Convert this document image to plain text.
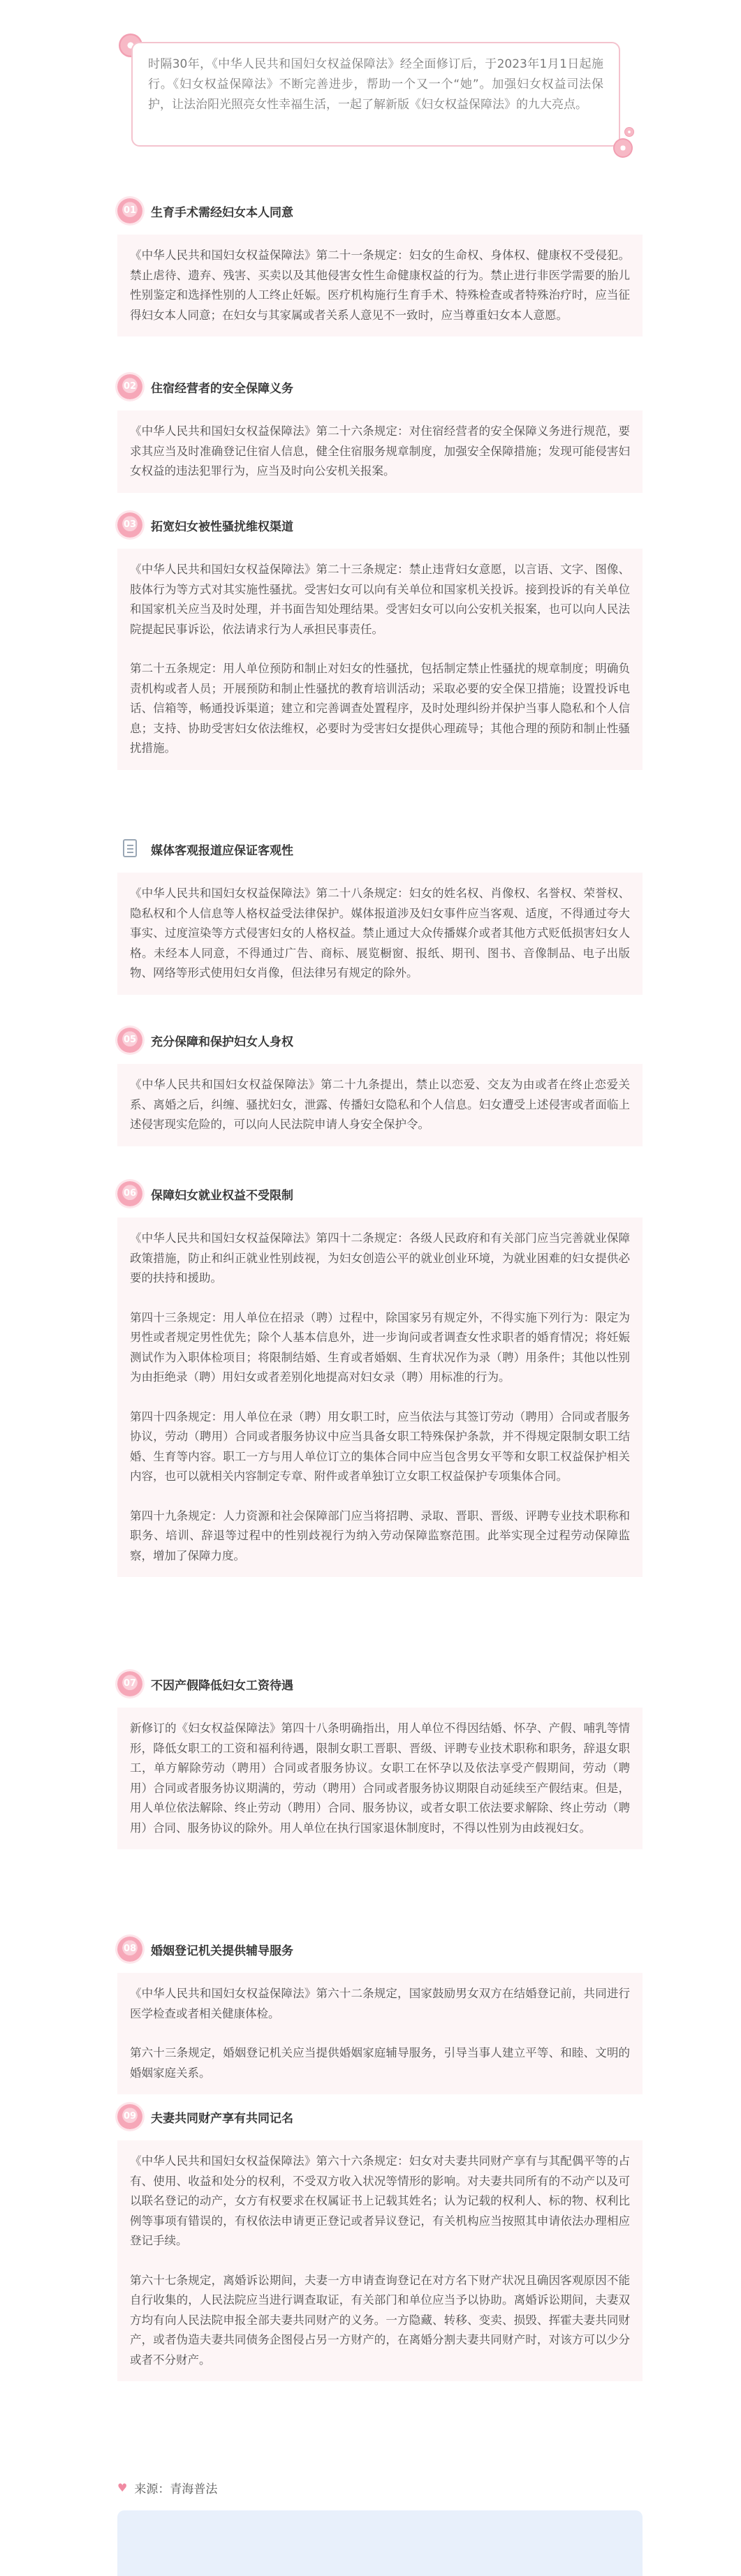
时隔30年，《中华人民共和国妇女权益保障法》经全面修订后，于2023年1月1日起施行。《妇女权益保障法》不断完善进步，帮助一个又一个“她”。加强妇女权益司法保护，让法治阳光照亮女性幸福生活，一起了解新版《妇女权益保障法》的九大亮点。

01	生育手术需经妇女本人同意

《中华人民共和国妇女权益保障法》第二十一条规定：妇女的生命权、身体权、健康权不受侵犯。禁止虐待、遗弃、残害、买卖以及其他侵害女性生命健康权益的行为。禁止进行非医学需要的胎儿性别鉴定和选择性别的人工终止妊娠。医疗机构施行生育手术、特殊检查或者特殊治疗时，应当征得妇女本人同意；在妇女与其家属或者关系人意见不一致时，应当尊重妇女本人意愿。

02	住宿经营者的安全保障义务

《中华人民共和国妇女权益保障法》第二十六条规定：对住宿经营者的安全保障义务进行规范，要求其应当及时准确登记住宿人信息，健全住宿服务规章制度，加强安全保障措施；发现可能侵害妇女权益的违法犯罪行为，应当及时向公安机关报案。

03	拓宽妇女被性骚扰维权渠道

《中华人民共和国妇女权益保障法》第二十三条规定：禁止违背妇女意愿，以言语、文字、图像、肢体行为等方式对其实施性骚扰。受害妇女可以向有关单位和国家机关投诉。接到投诉的有关单位和国家机关应当及时处理，并书面告知处理结果。受害妇女可以向公安机关报案，也可以向人民法院提起民事诉讼，依法请求行为人承担民事责任。

第二十五条规定：用人单位预防和制止对妇女的性骚扰，包括制定禁止性骚扰的规章制度；明确负责机构或者人员；开展预防和制止性骚扰的教育培训活动；采取必要的安全保卫措施；设置投诉电话、信箱等，畅通投诉渠道；建立和完善调查处置程序，及时处理纠纷并保护当事人隐私和个人信息；支持、协助受害妇女依法维权，必要时为受害妇女提供心理疏导；其他合理的预防和制止性骚扰措施。

媒体客观报道应保证客观性

《中华人民共和国妇女权益保障法》第二十八条规定：妇女的姓名权、肖像权、名誉权、荣誉权、隐私权和个人信息等人格权益受法律保护。媒体报道涉及妇女事件应当客观、适度，不得通过夸大事实、过度渲染等方式侵害妇女的人格权益。禁止通过大众传播媒介或者其他方式贬低损害妇女人格。未经本人同意，不得通过广告、商标、展览橱窗、报纸、期刊、图书、音像制品、电子出版物、网络等形式使用妇女肖像，但法律另有规定的除外。

05	充分保障和保护妇女人身权

《中华人民共和国妇女权益保障法》第二十九条提出，禁止以恋爱、交友为由或者在终止恋爱关系、离婚之后，纠缠、骚扰妇女，泄露、传播妇女隐私和个人信息。妇女遭受上述侵害或者面临上述侵害现实危险的，可以向人民法院申请人身安全保护令。

06	保障妇女就业权益不受限制

《中华人民共和国妇女权益保障法》第四十二条规定：各级人民政府和有关部门应当完善就业保障政策措施，防止和纠正就业性别歧视，为妇女创造公平的就业创业环境，为就业困难的妇女提供必要的扶持和援助。

第四十三条规定：用人单位在招录（聘）过程中，除国家另有规定外，不得实施下列行为：限定为男性或者规定男性优先；除个人基本信息外，进一步询问或者调查女性求职者的婚育情况；将妊娠测试作为入职体检项目；将限制结婚、生育或者婚姻、生育状况作为录（聘）用条件；其他以性别为由拒绝录（聘）用妇女或者差别化地提高对妇女录（聘）用标准的行为。

第四十四条规定：用人单位在录（聘）用女职工时，应当依法与其签订劳动（聘用）合同或者服务协议，劳动（聘用）合同或者服务协议中应当具备女职工特殊保护条款，并不得规定限制女职工结婚、生育等内容。职工一方与用人单位订立的集体合同中应当包含男女平等和女职工权益保护相关内容，也可以就相关内容制定专章、附件或者单独订立女职工权益保护专项集体合同。

第四十九条规定：人力资源和社会保障部门应当将招聘、录取、晋职、晋级、评聘专业技术职称和职务、培训、辞退等过程中的性别歧视行为纳入劳动保障监察范围。此举实现全过程劳动保障监察，增加了保障力度。

07	不因产假降低妇女工资待遇

新修订的《妇女权益保障法》第四十八条明确指出，用人单位不得因结婚、怀孕、产假、哺乳等情形，降低女职工的工资和福利待遇，限制女职工晋职、晋级、评聘专业技术职称和职务，辞退女职工，单方解除劳动（聘用）合同或者服务协议。女职工在怀孕以及依法享受产假期间，劳动（聘用）合同或者服务协议期满的，劳动（聘用）合同或者服务协议期限自动延续至产假结束。但是，用人单位依法解除、终止劳动（聘用）合同、服务协议，或者女职工依法要求解除、终止劳动（聘用）合同、服务协议的除外。用人单位在执行国家退休制度时，不得以性别为由歧视妇女。

08	婚姻登记机关提供辅导服务

《中华人民共和国妇女权益保障法》第六十二条规定，国家鼓励男女双方在结婚登记前，共同进行医学检查或者相关健康体检。

第六十三条规定，婚姻登记机关应当提供婚姻家庭辅导服务，引导当事人建立平等、和睦、文明的婚姻家庭关系。

09	夫妻共同财产享有共同记名

《中华人民共和国妇女权益保障法》第六十六条规定：妇女对夫妻共同财产享有与其配偶平等的占有、使用、收益和处分的权利，不受双方收入状况等情形的影响。对夫妻共同所有的不动产以及可以联名登记的动产，女方有权要求在权属证书上记载其姓名；认为记载的权利人、标的物、权利比例等事项有错误的，有权依法申请更正登记或者异议登记，有关机构应当按照其申请依法办理相应登记手续。

第六十七条规定，离婚诉讼期间，夫妻一方申请查询登记在对方名下财产状况且确因客观原因不能自行收集的，人民法院应当进行调查取证，有关部门和单位应当予以协助。离婚诉讼期间，夫妻双方均有向人民法院申报全部夫妻共同财产的义务。一方隐藏、转移、变卖、损毁、挥霍夫妻共同财产，或者伪造夫妻共同债务企图侵占另一方财产的，在离婚分割夫妻共同财产时，对该方可以少分或者不分财产。

♥ 来源：青海普法
